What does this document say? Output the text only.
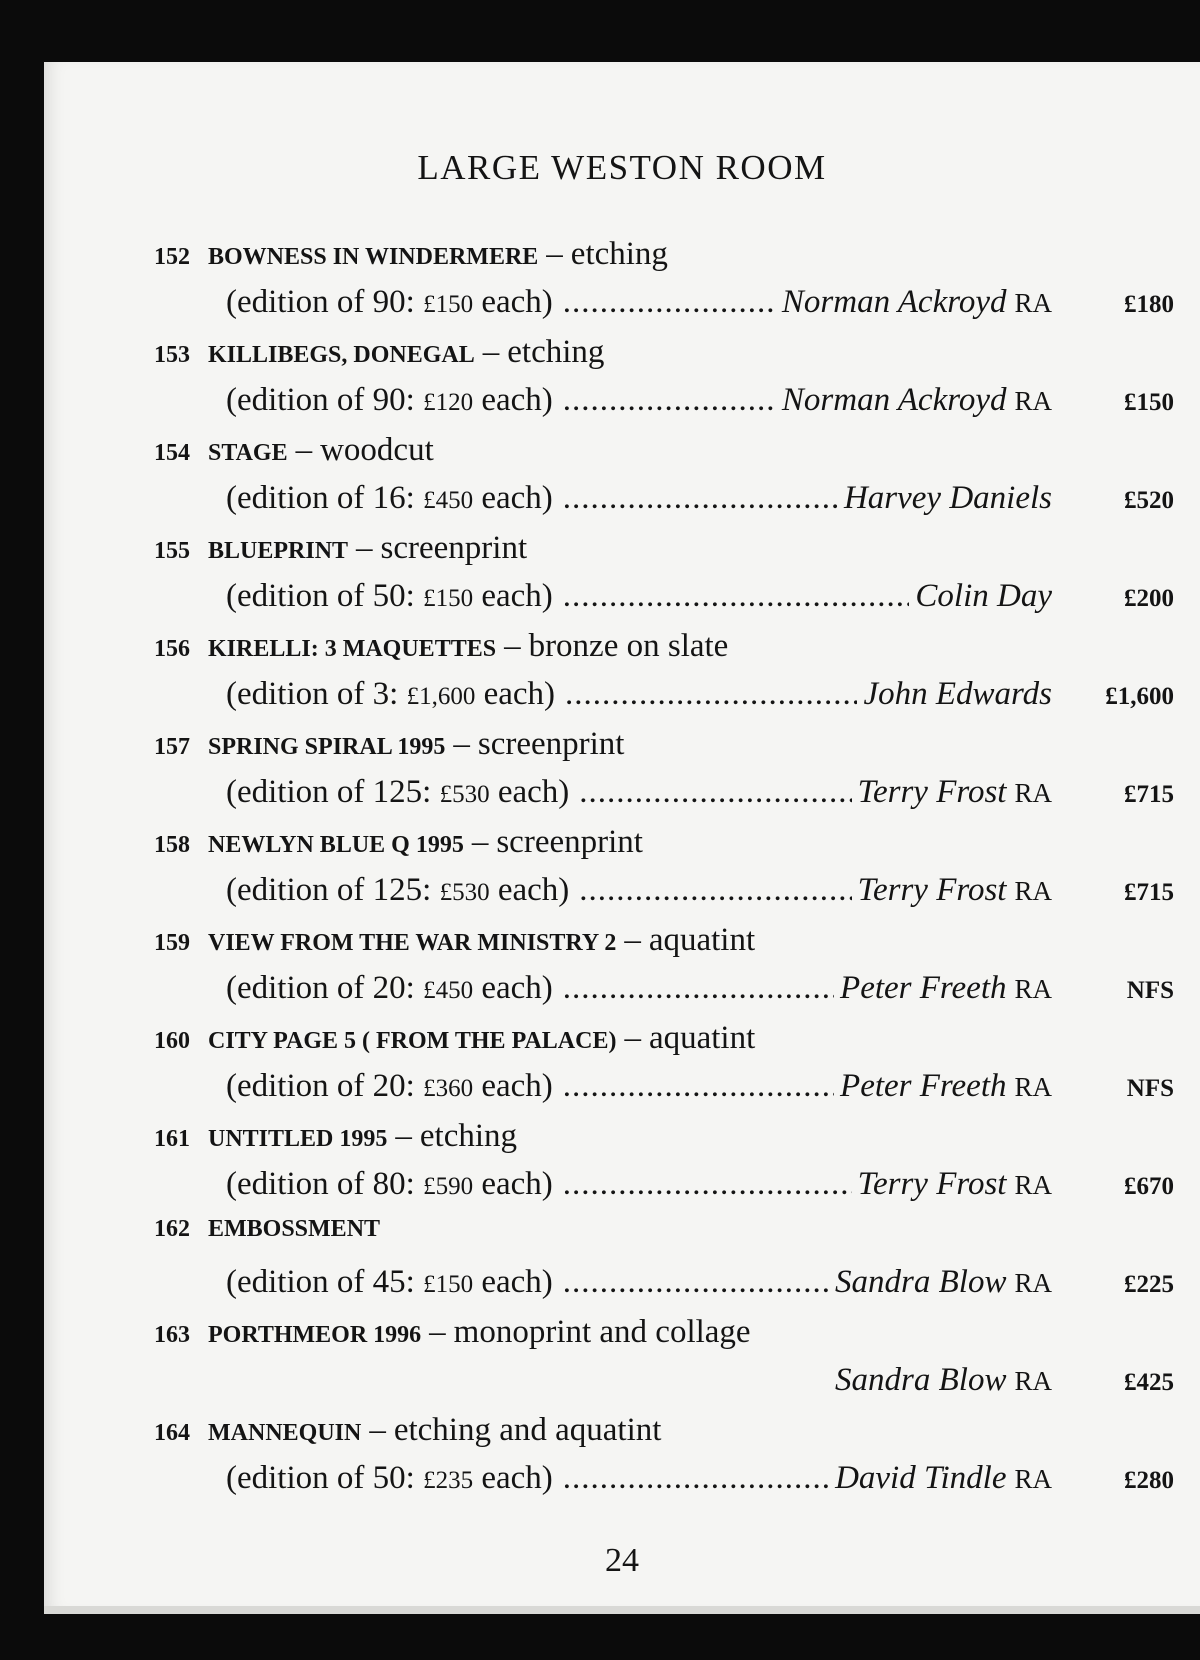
LARGE WESTON ROOM
152 BOWNESS IN WINDERMERE – etching
(edition of 90: £150 each) .....	Norman Ackroyd RA	£180
153 KILLIBEGS, DONEGAL – etching
(edition of 90: £120 each) .....	Norman Ackroyd RA	£150
154 STAGE – woodcut
(edition of 16: £450 each) .....	Harvey Daniels	£520
155 BLUEPRINT – screenprint
(edition of 50: £150 each) .....	Colin Day	£200
156 KIRELLI: 3 MAQUETTES – bronze on slate
(edition of 3: £1,600 each) .....	John Edwards	£1,600
157 SPRING SPIRAL 1995 – screenprint
(edition of 125: £530 each) .....	Terry Frost RA	£715
158 NEWLYN BLUE Q 1995 – screenprint
(edition of 125: £530 each) .....	Terry Frost RA	£715
159 VIEW FROM THE WAR MINISTRY 2 – aquatint
(edition of 20: £450 each) .....	Peter Freeth RA	NFS
160 CITY PAGE 5 ( FROM THE PALACE) – aquatint
(edition of 20: £360 each) .....	Peter Freeth RA	NFS
161 UNTITLED 1995 – etching
(edition of 80: £590 each) .....	Terry Frost RA	£670
162 EMBOSSMENT
(edition of 45: £150 each) .....	Sandra Blow RA	£225
163 PORTHMEOR 1996 – monoprint and collage
Sandra Blow RA	£425
164 MANNEQUIN – etching and aquatint
(edition of 50: £235 each) .....	David Tindle RA	£280
24
